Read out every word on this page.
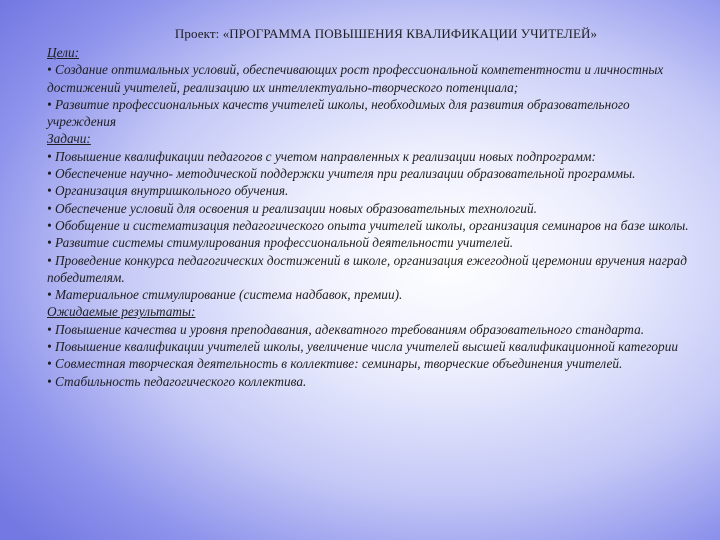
Проект: «ПРОГРАММА ПОВЫШЕНИЯ КВАЛИФИКАЦИИ УЧИТЕЛЕЙ»
Цели:
• Создание оптимальных условий, обеспечивающих рост профессиональной компетентности и личностных достижений учителей, реализацию их интеллектуально-творческого потенциала;
• Развитие профессиональных качеств учителей школы, необходимых для развития образовательного учреждения
Задачи:
• Повышение квалификации педагогов с учетом направленных к реализации новых подпрограмм:
• Обеспечение научно- методической поддержки учителя при реализации образовательной программы.
• Организация внутришкольного обучения.
• Обеспечение условий для освоения и реализации новых образовательных технологий.
• Обобщение и систематизация педагогического опыта учителей школы, организация семинаров на базе школы.
• Развитие системы стимулирования профессиональной деятельности учителей.
• Проведение конкурса педагогических достижений в школе, организация ежегодной церемонии вручения наград победителям.
• Материальное стимулирование (система надбавок, премии).
Ожидаемые результаты:
• Повышение качества и уровня преподавания, адекватного требованиям образовательного стандарта.
• Повышение квалификации учителей школы, увеличение числа учителей высшей квалификационной категории
• Совместная творческая деятельность в коллективе: семинары, творческие объединения учителей.
• Стабильность педагогического коллектива.
